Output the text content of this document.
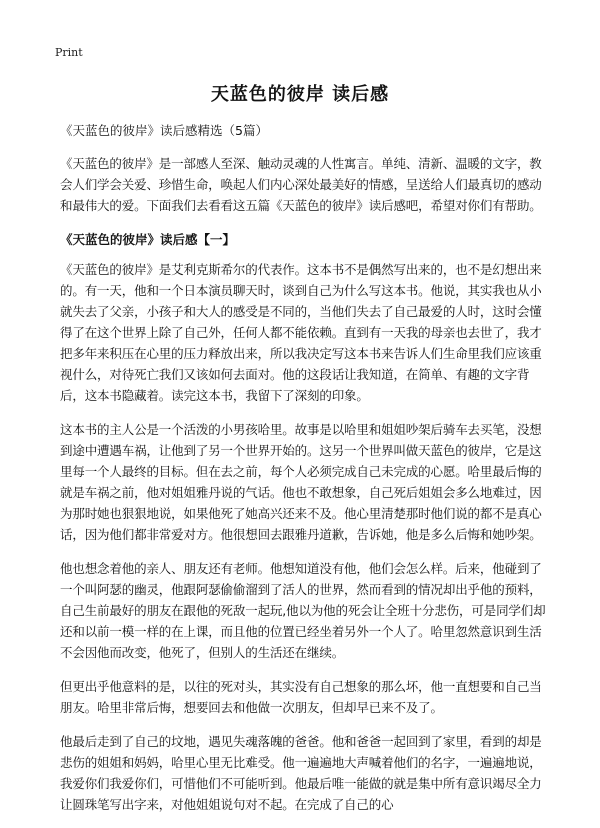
Print
天蓝色的彼岸 读后感

《天蓝色的彼岸》读后感精选（5篇）

《天蓝色的彼岸》是一部感人至深、触动灵魂的人性寓言。单纯、清新、温暖的文字，教会人们学会关爱、珍惜生命，唤起人们内心深处最美好的情感，呈送给人们最真切的感动和最伟大的爱。下面我们去看看这五篇《天蓝色的彼岸》读后感吧，希望对你们有帮助。

《天蓝色的彼岸》读后感【一】

《天蓝色的彼岸》是艾利克斯希尔的代表作。这本书不是偶然写出来的，也不是幻想出来的。有一天，他和一个日本演员聊天时，谈到自己为什么写这本书。他说，其实我也从小就失去了父亲，小孩子和大人的感受是不同的，当他们失去了自己最爱的人时，这时会懂得了在这个世界上除了自己外，任何人都不能依赖。直到有一天我的母亲也去世了，我才把多年来积压在心里的压力释放出来，所以我决定写这本书来告诉人们生命里我们应该重视什么，对待死亡我们又该如何去面对。他的这段话让我知道，在简单、有趣的文字背后，这本书隐藏着。读完这本书，我留下了深刻的印象。

这本书的主人公是一个活泼的小男孩哈里。故事是以哈里和姐姐吵架后骑车去买笔，没想到途中遭遇车祸，让他到了另一个世界开始的。这另一个世界叫做天蓝色的彼岸，它是这里每一个人最终的目标。但在去之前，每个人必须完成自己未完成的心愿。哈里最后悔的就是车祸之前，他对姐姐雅丹说的气话。他也不敢想象，自己死后姐姐会多么地难过，因为那时她也狠狠地说，如果他死了她高兴还来不及。他心里清楚那时他们说的都不是真心话，因为他们都非常爱对方。他很想回去跟雅丹道歉，告诉她，他是多么后悔和她吵架。

他也想念着他的亲人、朋友还有老师。他想知道没有他，他们会怎么样。后来，他碰到了一个叫阿瑟的幽灵，他跟阿瑟偷偷溜到了活人的世界，然而看到的情况却出乎他的预料，自己生前最好的朋友在跟他的死敌一起玩,他以为他的死会让全班十分悲伤，可是同学们却还和以前一模一样的在上课，而且他的位置已经坐着另外一个人了。哈里忽然意识到生活不会因他而改变，他死了，但别人的生活还在继续。

但更出乎他意料的是，以往的死对头，其实没有自己想象的那么坏，他一直想要和自己当朋友。哈里非常后悔，想要回去和他做一次朋友，但却早已来不及了。

他最后走到了自己的坟地，遇见失魂落魄的爸爸。他和爸爸一起回到了家里，看到的却是悲伤的姐姐和妈妈，哈里心里无比难受。他一遍遍地大声喊着他们的名字，一遍遍地说，我爱你们我爱你们，可惜他们不可能听到。他最后唯一能做的就是集中所有意识竭尽全力让圆珠笔写出字来，对他姐姐说句对不起。在完成了自己的心
